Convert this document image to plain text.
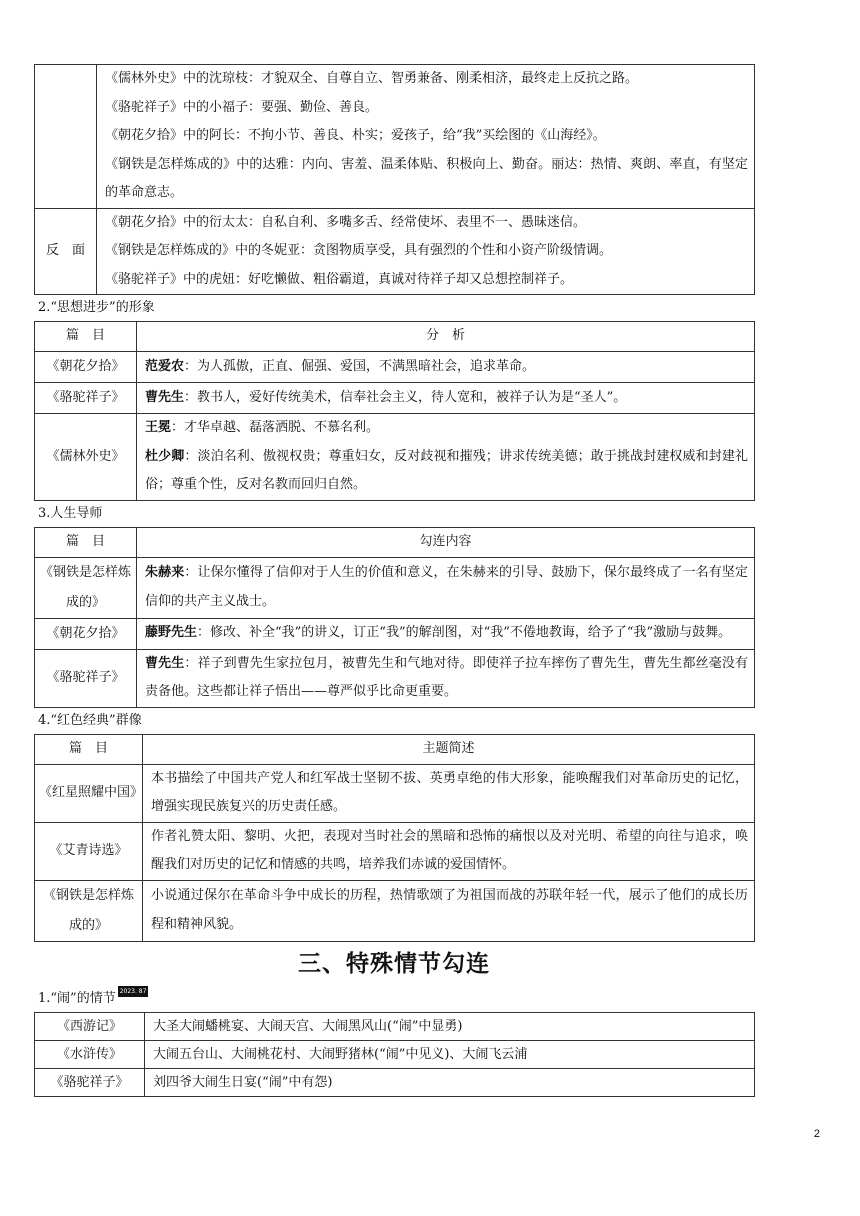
	《儒林外史》中的沈琼枝：才貌双全、自尊自立、智勇兼备、刚柔相济，最终走上反抗之路。
《骆驼祥子》中的小福子：要强、勤俭、善良。
《朝花夕拾》中的阿长：不拘小节、善良、朴实；爱孩子，给“我”买绘图的《山海经》。
《钢铁是怎样炼成的》中的达雅：内向、害羞、温柔体贴、积极向上、勤奋。丽达：热情、爽朗、率直，有坚定的革命意志。

反　面	《朝花夕拾》中的衍太太：自私自利、多嘴多舌、经常使坏、表里不一、愚昧迷信。
《钢铁是怎样炼成的》中的冬妮亚：贪图物质享受，具有强烈的个性和小资产阶级情调。
《骆驼祥子》中的虎妞：好吃懒做、粗俗霸道，真诚对待祥子却又总想控制祥子。
2.“思想进步”的形象
篇　目	分　析
《朝花夕拾》	范爱农：为人孤傲，正直、倔强、爱国，不满黑暗社会，追求革命。
《骆驼祥子》	曹先生：教书人，爱好传统美术，信奉社会主义，待人宽和，被祥子认为是“圣人”。
《儒林外史》	王冕：才华卓越、磊落洒脱、不慕名利。
杜少卿：淡泊名利、傲视权贵；尊重妇女，反对歧视和摧残；讲求传统美德；敢于挑战封建权威和封建礼俗；尊重个性，反对名教而回归自然。
3.人生导师
篇　目	勾连内容
《钢铁是怎样炼成的》	朱赫来：让保尔懂得了信仰对于人生的价值和意义，在朱赫来的引导、鼓励下，保尔最终成了一名有坚定信仰的共产主义战士。
《朝花夕拾》	藤野先生：修改、补全“我”的讲义，订正“我”的解剖图，对“我”不倦地教诲，给予了“我”激励与鼓舞。
《骆驼祥子》	曹先生：祥子到曹先生家拉包月，被曹先生和气地对待。即使祥子拉车摔伤了曹先生，曹先生都丝毫没有责备他。这些都让祥子悟出——尊严似乎比命更重要。
4.“红色经典”群像
篇　目	主题简述
《红星照耀中国》	本书描绘了中国共产党人和红军战士坚韧不拔、英勇卓绝的伟大形象，能唤醒我们对革命历史的记忆，增强实现民族复兴的历史责任感。
《艾青诗选》	作者礼赞太阳、黎明、火把，表现对当时社会的黑暗和恐怖的痛恨以及对光明、希望的向往与追求，唤醒我们对历史的记忆和情感的共鸣，培养我们赤诚的爱国情怀。
《钢铁是怎样炼成的》	小说通过保尔在革命斗争中成长的历程，热情歌颂了为祖国而战的苏联年轻一代，展示了他们的成长历程和精神风貌。
三、特殊情节勾连
1.“闹”的情节 2023. 87
《西游记》	大圣大闹蟠桃宴、大闹天宫、大闹黑风山(“闹”中显勇)
《水浒传》	大闹五台山、大闹桃花村、大闹野猪林(“闹”中见义)、大闹飞云浦
《骆驼祥子》	刘四爷大闹生日宴(“闹”中有怨)
2
